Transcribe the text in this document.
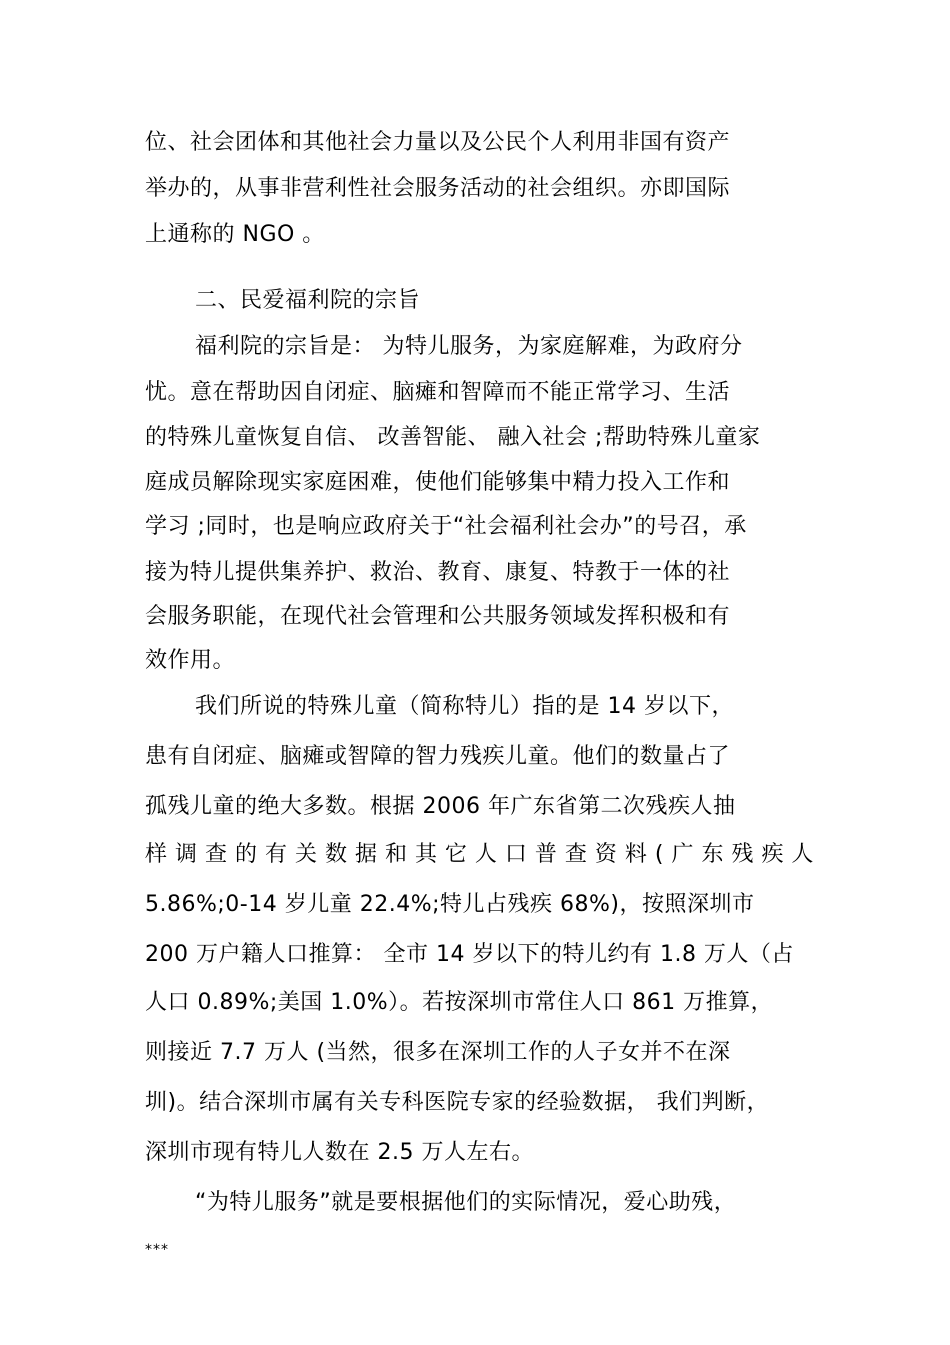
位、社会团体和其他社会力量以及公民个人利用非国有资产
举办的，从事非营利性社会服务活动的社会组织。亦即国际
上通称的 NGO 。
二、民爱福利院的宗旨
福利院的宗旨是： 为特儿服务，为家庭解难，为政府分
忧。意在帮助因自闭症、脑瘫和智障而不能正常学习、生活
的特殊儿童恢复自信、 改善智能、 融入社会 ;帮助特殊儿童家
庭成员解除现实家庭困难，使他们能够集中精力投入工作和
学习 ;同时，也是响应政府关于“社会福利社会办”的号召，承
接为特儿提供集养护、救治、教育、康复、特教于一体的社
会服务职能，在现代社会管理和公共服务领域发挥积极和有
效作用。
我们所说的特殊儿童（简称特儿）指的是 14 岁以下，
患有自闭症、脑瘫或智障的智力残疾儿童。他们的数量占了
孤残儿童的绝大多数。根据 2006 年广东省第二次残疾人抽
样 调 查 的 有 关 数 据 和 其 它 人 口 普 查 资 料 ( 广 东 残 疾 人
5.86%;0-14 岁儿童 22.4%;特儿占残疾 68%)，按照深圳市
200 万户籍人口推算： 全市 14 岁以下的特儿约有 1.8 万人（占
人口 0.89%;美国 1.0%）。若按深圳市常住人口 861 万推算，
则接近 7.7 万人 (当然，很多在深圳工作的人子女并不在深
圳)。结合深圳市属有关专科医院专家的经验数据， 我们判断，
深圳市现有特儿人数在 2.5 万人左右。
“为特儿服务”就是要根据他们的实际情况，爱心助残，
***
